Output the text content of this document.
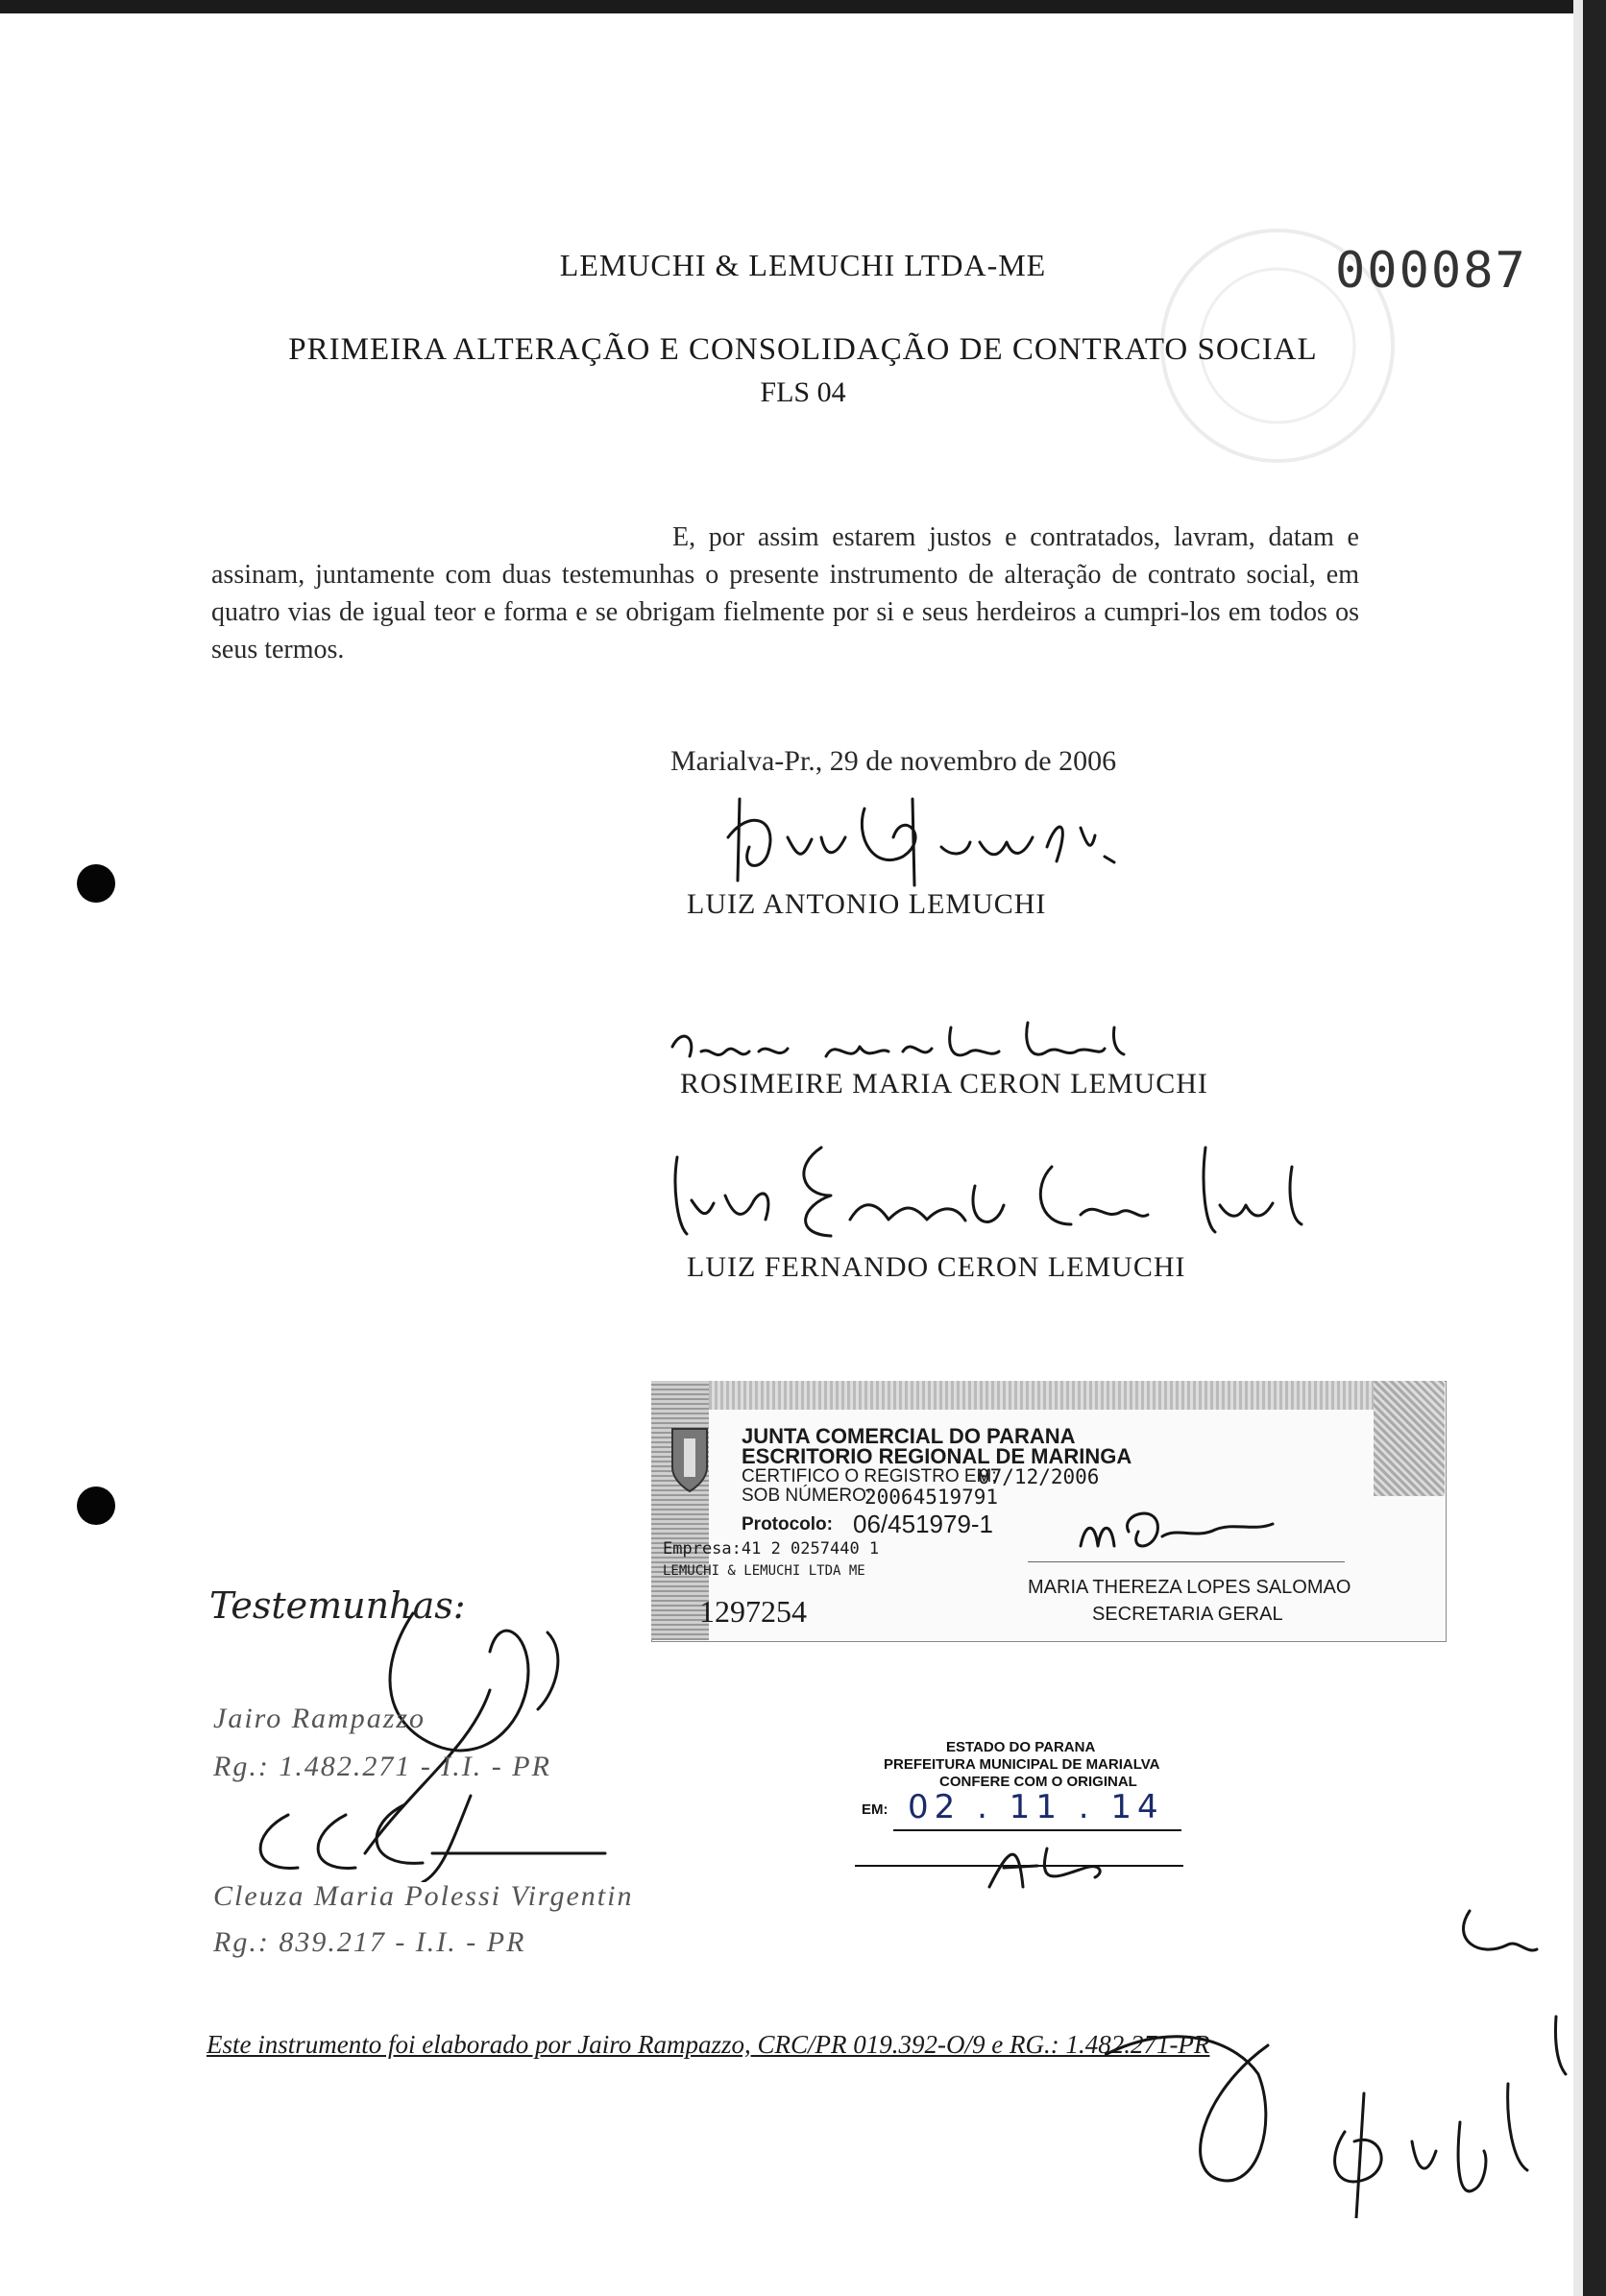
LEMUCHI & LEMUCHI LTDA-ME	000087
PRIMEIRA ALTERAÇÃO E CONSOLIDAÇÃO DE CONTRATO SOCIAL
FLS 04
E, por assim estarem justos e contratados, lavram, datam e assinam, juntamente com duas testemunhas o presente instrumento de alteração de contrato social, em quatro vias de igual teor e forma e se obrigam fielmente por si e seus herdeiros a cumpri-los em todos os seus termos.
Marialva-Pr., 29 de novembro de 2006
LUIZ ANTONIO LEMUCHI
ROSIMEIRE MARIA CERON LEMUCHI
LUIZ FERNANDO CERON LEMUCHI
JUNTA COMERCIAL DO PARANA
ESCRITORIO REGIONAL DE MARINGA
CERTIFICO O REGISTRO EM:
07/12/2006
SOB NÚMERO:
20064519791
Protocolo: 06/451979-1
Empresa:41 2 0257440 1
LEMUCHI & LEMUCHI LTDA ME
1297254
MARIA THEREZA LOPES SALOMAO
SECRETARIA GERAL
Testemunhas:
Jairo Rampazzo
Rg.: 1.482.271 - I.I. - PR
Cleuza Maria Polessi Virgentin
Rg.: 839.217 - I.I. - PR
ESTADO DO PARANA
PREFEITURA MUNICIPAL DE MARIALVA
CONFERE COM O ORIGINAL
EM: 02 . 11 . 14
Este instrumento foi elaborado por Jairo Rampazzo, CRC/PR 019.392-O/9 e RG.: 1.482.271-PR
